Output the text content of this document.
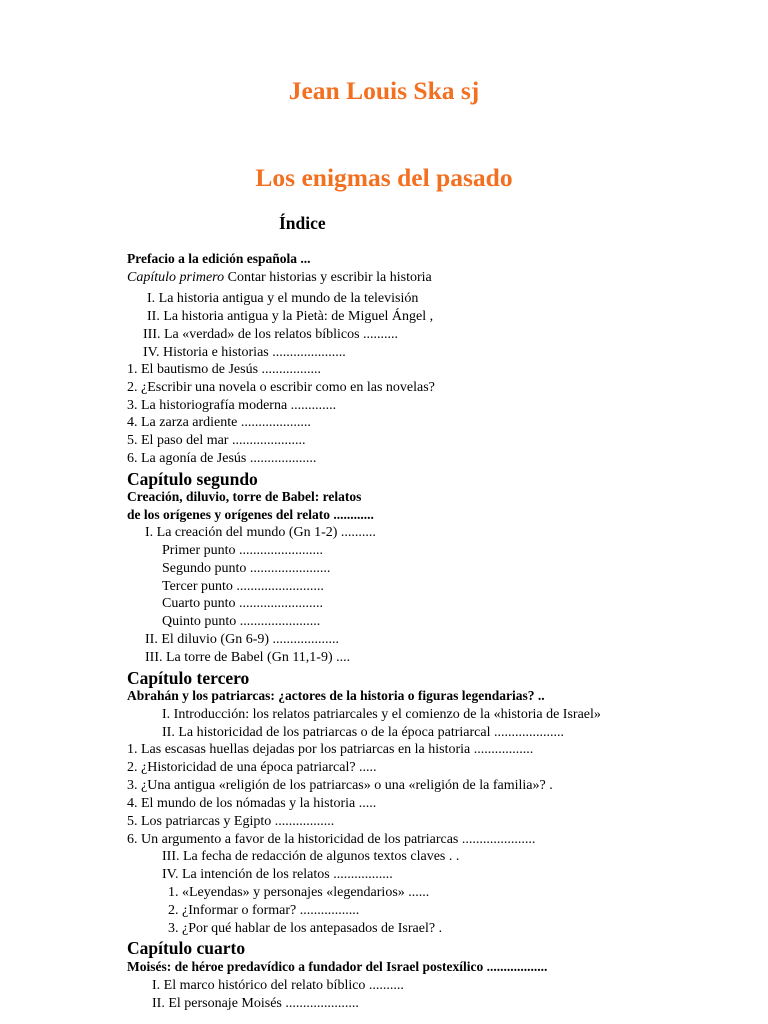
Jean Louis Ska sj
Los enigmas del pasado
Índice
Prefacio a la edición española ...
Capítulo primero Contar historias y escribir la historia
I. La historia antigua y el mundo de la televisión
II. La historia antigua y la Pietà: de Miguel Ángel ,
III. La «verdad» de los relatos bíblicos ..........
IV. Historia e historias .....................
1. El bautismo de Jesús .................
2. ¿Escribir una novela o escribir como en las novelas?
3. La historiografía moderna .............
4. La zarza ardiente ....................
5. El paso del mar .....................
6. La agonía de Jesús ...................
Capítulo segundo
Creación, diluvio, torre de Babel: relatos
de los orígenes y orígenes del relato ............
I. La creación del mundo (Gn 1-2) ..........
Primer punto ........................
Segundo punto .......................
Tercer punto .........................
Cuarto punto ........................
Quinto punto .......................
II. El diluvio (Gn 6-9) ...................
III. La torre de Babel (Gn 11,1-9) ....
Capítulo tercero
Abrahán y los patriarcas: ¿actores de la historia o figuras legendarias? ..
I. Introducción: los relatos patriarcales y el comienzo de la «historia de Israel»
II. La historicidad de los patriarcas o de la época patriarcal ....................
1. Las escasas huellas dejadas por los patriarcas en la historia .................
2. ¿Historicidad de una época patriarcal? .....
3. ¿Una antigua «religión de los patriarcas» o una «religión de la familia»? .
4. El mundo de los nómadas y la historia .....
5. Los patriarcas y Egipto .................
6. Un argumento a favor de la historicidad de los patriarcas .....................
III. La fecha de redacción de algunos textos claves . .
IV. La intención de los relatos .................
1. «Leyendas» y personajes «legendarios» ......
2. ¿Informar o formar? .................
3. ¿Por qué hablar de los antepasados de Israel? .
Capítulo cuarto
Moisés: de héroe predavídico a fundador del Israel postexílico ..................
I. El marco histórico del relato bíblico ..........
II. El personaje Moisés .....................
